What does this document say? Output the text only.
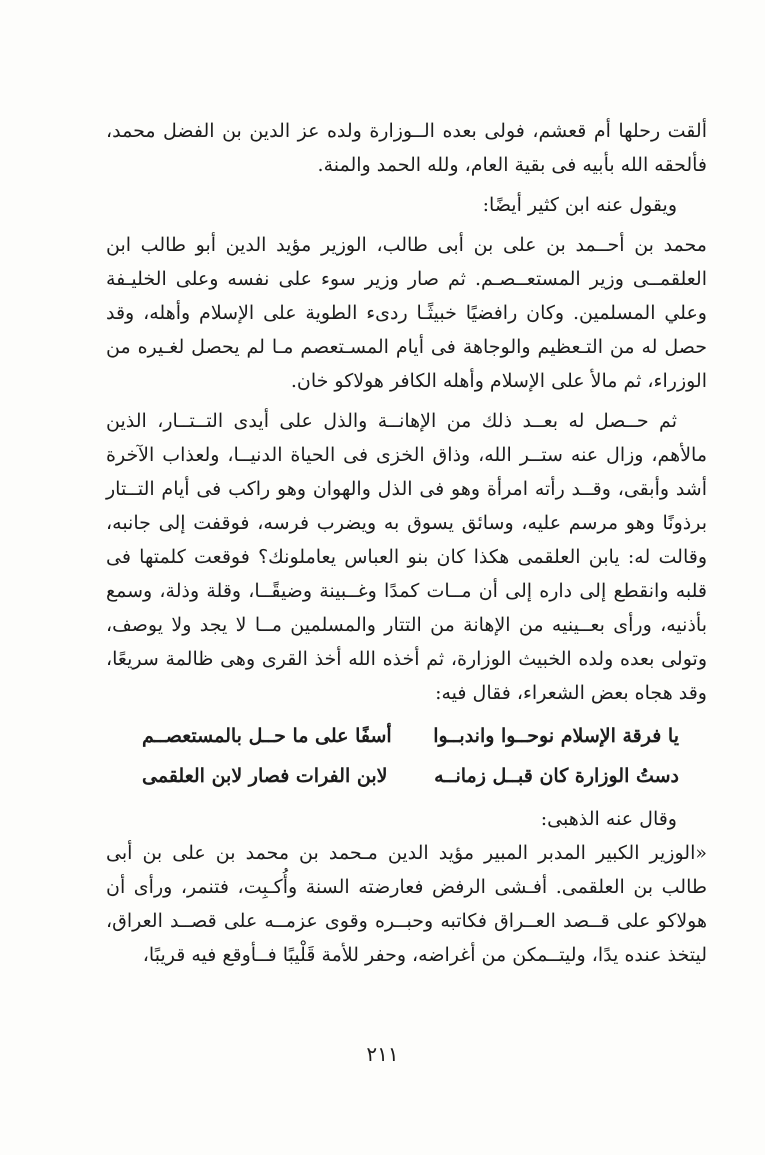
ألقت رحلها أم قعشم، فولى بعده الــوزارة ولده عز الدين بن الفضل محمد، فألحقه الله بأبيه فى بقية العام، ولله الحمد والمنة.

ويقول عنه ابن كثير أيضًا:

محمد بن أحــمد بن على بن أبى طالب، الوزير مؤيد الدين أبو طالب ابن العلقمــى وزير المستعــصـم. ثم صار وزير سوء على نفسه وعلى الخليـفة وعلي المسلمين. وكان رافضيًا خبيثًـا ردىء الطوية على الإسلام وأهله، وقد حصل له من التـعظيم والوجاهة فى أيام المسـتعصم مـا لم يحصل لغـيره من الوزراء، ثم مالأ على الإسلام وأهله الكافر هولاكو خان.

ثم حــصل له بعــد ذلك من الإهانــة والذل على أيدى التــتــار، الذين مالأهم، وزال عنه ستــر الله، وذاق الخزى فى الحياة الدنيــا، ولعذاب الآخرة أشد وأبقى، وقــد رأته امرأة وهو فى الذل والهوان وهو راكب فى أيام التــتار برذونًا وهو مرسم عليه، وسائق يسوق به ويضرب فرسه، فوقفت إلى جانبه، وقالت له: يابن العلقمى هكذا كان بنو العباس يعاملونك؟ فوقعت كلمتها فى قلبه وانقطع إلى داره إلى أن مــات كمدًا وغــبينة وضيقًــا، وقلة وذلة، وسمع بأذنيه، ورأى بعــينيه من الإهانة من التتار والمسلمين مــا لا يجد ولا يوصف، وتولى بعده ولده الخبيث الوزارة، ثم أخذه الله أخذ القرى وهى ظالمة سريعًا، وقد هجاه بعض الشعراء، فقال فيه:

يا فرقة الإسلام نوحــوا واندبــوا
أسفًا على ما حــل بالمستعصــم
دستُ الوزارة كان قبــل زمانــه
لابن الفرات فصار لابن العلقمى

وقال عنه الذهبى:

«الوزير الكبير المدبر المبير مؤيد الدين مـحمد بن محمد بن على بن أبى طالب بن العلقمى. أفـشى الرفض فعارضته السنة وأُكـبِت، فتنمر، ورأى أن هولاكو على قــصد العــراق فكاتبه وحبــره وقوى عزمــه على قصــد العراق، ليتخذ عنده يدًا، وليتــمكن من أغراضه، وحفر للأمة قَلْيبًا فــأوقع فيه قريبًا،

٢١١
